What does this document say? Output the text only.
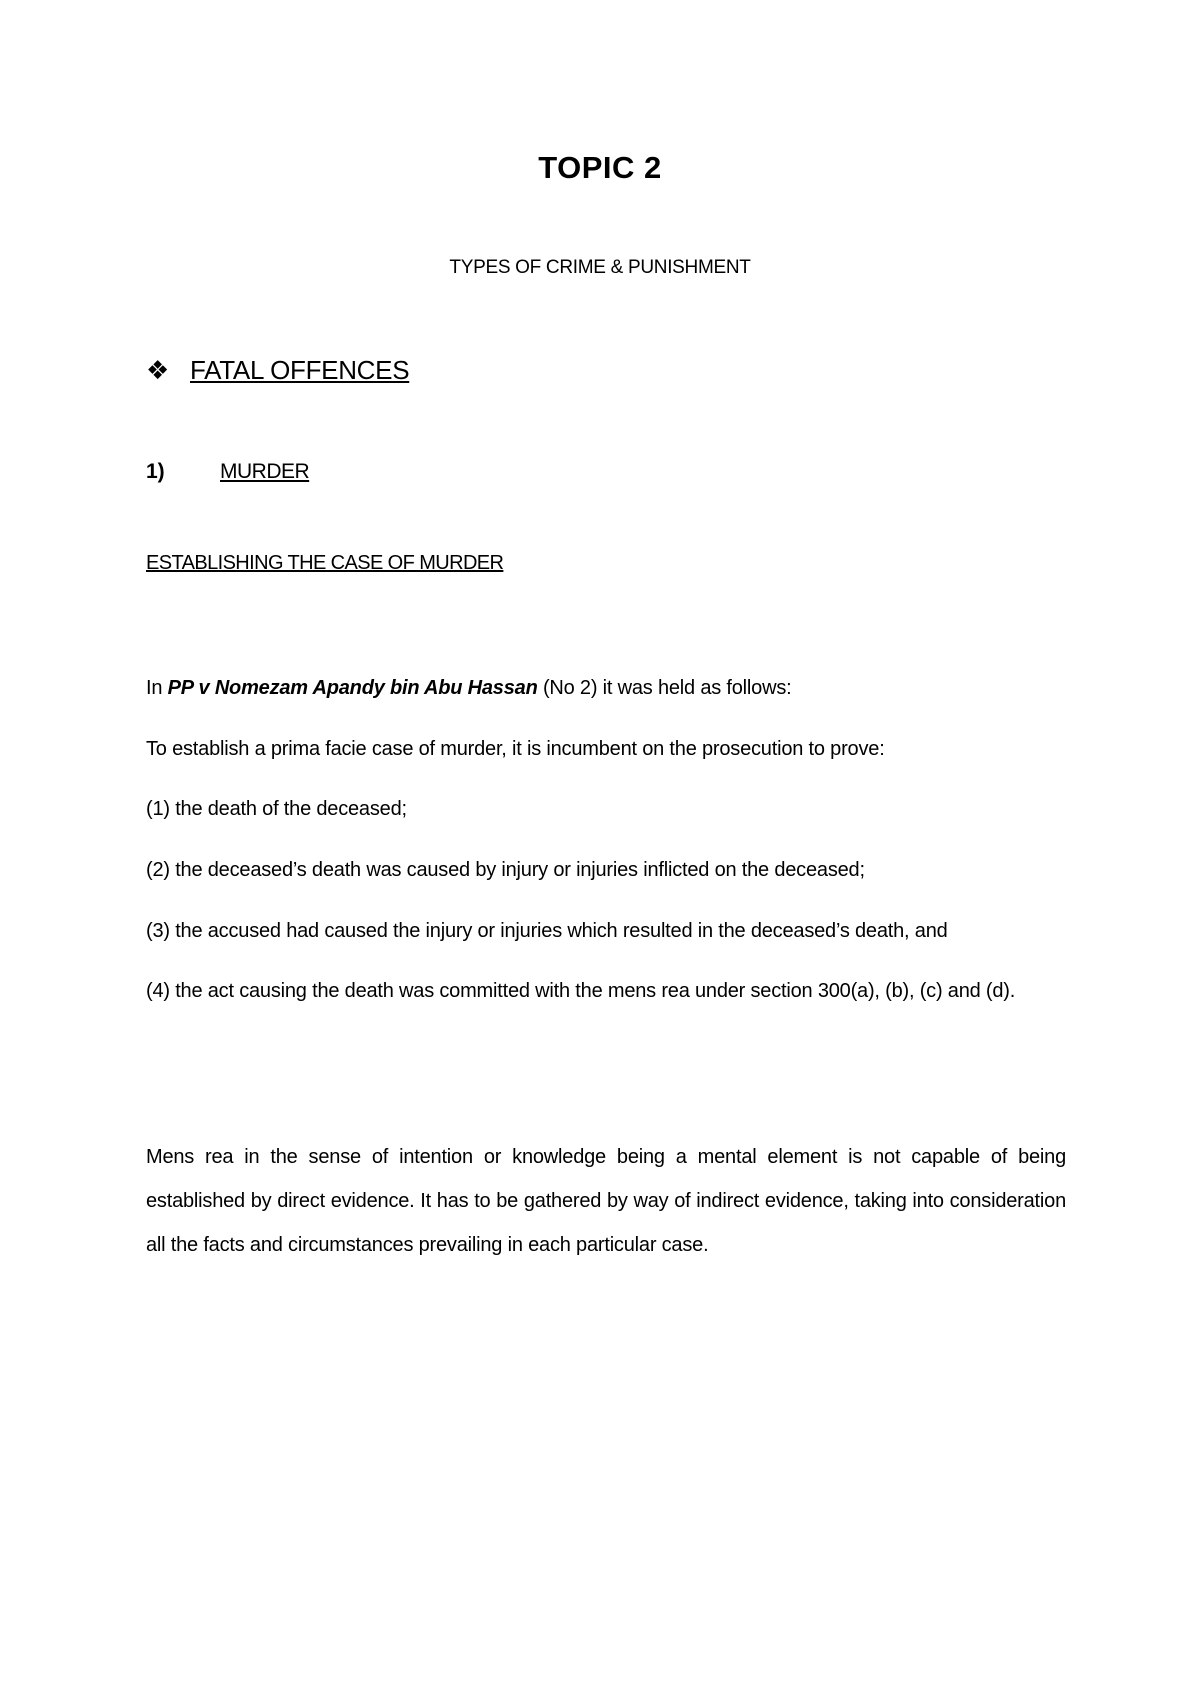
TOPIC 2
TYPES OF CRIME & PUNISHMENT
❖ FATAL OFFENCES
1)	MURDER
ESTABLISHING THE CASE OF MURDER
In PP v Nomezam Apandy bin Abu Hassan (No 2) it was held as follows:
To establish a prima facie case of murder, it is incumbent on the prosecution to prove:
(1) the death of the deceased;
(2) the deceased’s death was caused by injury or injuries inflicted on the deceased;
(3) the accused had caused the injury or injuries which resulted in the deceased’s death, and
(4) the act causing the death was committed with the mens rea under section 300(a), (b), (c) and (d).
Mens rea in the sense of intention or knowledge being a mental element is not capable of being established by direct evidence. It has to be gathered by way of indirect evidence, taking into consideration all the facts and circumstances prevailing in each particular case.
